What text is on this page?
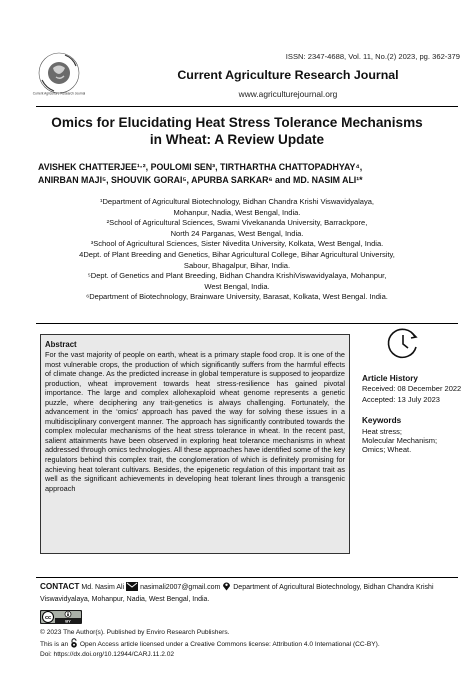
Current Agriculture Research Journal
ISSN: 2347-4688, Vol. 11, No.(2) 2023, pg. 362-379
Current Agriculture Research Journal
www.agriculturejournal.org
Omics for Elucidating Heat Stress Tolerance Mechanisms
in Wheat: A Review Update
AVISHEK CHATTERJEE¹·², POULOMI SEN³, TIRTHARTHA CHATTOPADHYAY⁴,
ANIRBAN MAJI⁵, SHOUVIK GORAI⁵, APURBA SARKAR⁶ and MD. NASIM ALI¹*
¹Department of Agricultural Biotechnology, Bidhan Chandra Krishi Viswavidyalaya,
Mohanpur, Nadia, West Bengal, India.
²School of Agricultural Sciences, Swami Vivekananda University, Barrackpore,
North 24 Parganas, West Bengal, India.
³School of Agricultural Sciences, Sister Nivedita University, Kolkata, West Bengal, India.
4Dept. of Plant Breeding and Genetics, Bihar Agricultural College, Bihar Agricultural University,
Sabour, Bhagalpur, Bihar, India.
⁵Dept. of Genetics and Plant Breeding, Bidhan Chandra KrishiViswavidyalaya, Mohanpur,
West Bengal, India.
⁶Department of Biotechnology, Brainware University, Barasat, Kolkata, West Bengal. India.
Abstract
For the vast majority of people on earth, wheat is a primary staple food crop. It is one of the most vulnerable crops, the production of which significantly suffers from the harmful effects of climate change. As the predicted increase in global temperature is supposed to jeopardize production, wheat improvement towards heat stress-resilience has gained pivotal importance. The large and complex allohexaploid wheat genome represents a genetic puzzle, where deciphering any trait-genetics is always challenging. Fortunately, the advancement in the ‘omics’ approach has paved the way for solving these issues in a multidisciplinary convergent manner. The approach has significantly contributed towards the complex molecular mechanisms of the heat stress tolerance in wheat. In the recent past, salient attainments have been observed in exploring heat tolerance mechanisms in wheat addressed through omics technologies. All these approaches have identified some of the key regulators behind this complex trait, the conglomeration of which is definitely promising for achieving heat tolerant cultivars. Besides, the epigenetic regulation of this important trait as well as the significant achievements in developing heat tolerant lines through a transgenic approach
Article History
Received: 08 December 2022
Accepted: 13 July 2023
Keywords
Heat stress;
Molecular Mechanism;
Omics; Wheat.
CONTACT Md. Nasim Ali nasimali2007@gmail.com Department of Agricultural Biotechnology, Bidhan Chandra Krishi
Viswavidyalaya, Mohanpur, Nadia, West Bengal, India.
cc	BY
© 2023 The Author(s). Published by Enviro Research Publishers.
This is an Open Access article licensed under a Creative Commons license: Attribution 4.0 International (CC-BY).
Doi: https://dx.doi.org/10.12944/CARJ.11.2.02
